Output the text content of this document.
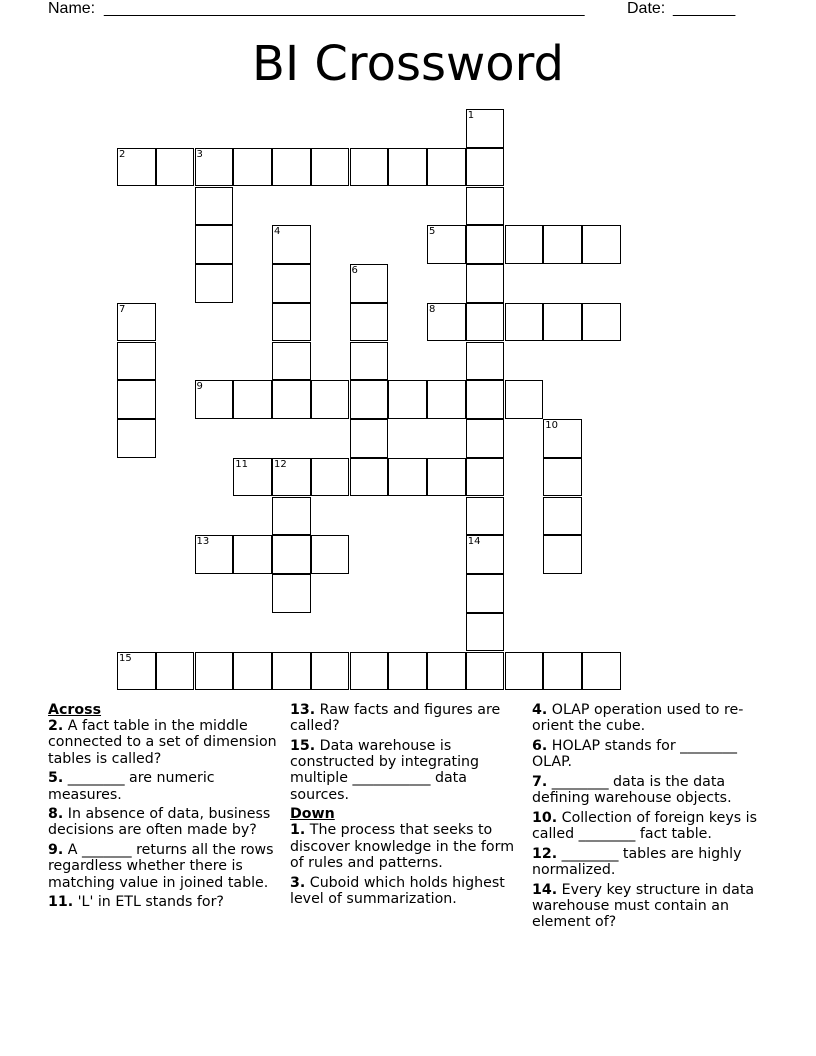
Name: ______________________________________________________	Date: _______
BI Crossword
2	3
5
8
9
11	12
13
15
1
14
4
6
7
10
Across
2. A fact table in the middle connected to a set of dimension tables is called?
5. ________ are numeric measures.
8. In absence of data, business decisions are often made by?
9. A _______ returns all the rows regardless whether there is matching value in joined table.
11. 'L' in ETL stands for?
13. Raw facts and figures are called?
15. Data warehouse is constructed by integrating multiple ___________ data sources.
Down
1. The process that seeks to discover knowledge in the form of rules and patterns.
3. Cuboid which holds highest level of summarization.
4. OLAP operation used to re-orient the cube.
6. HOLAP stands for ________ OLAP.
7. ________ data is the data defining warehouse objects.
10. Collection of foreign keys is called ________ fact table.
12. ________ tables are highly normalized.
14. Every key structure in data warehouse must contain an element of?
